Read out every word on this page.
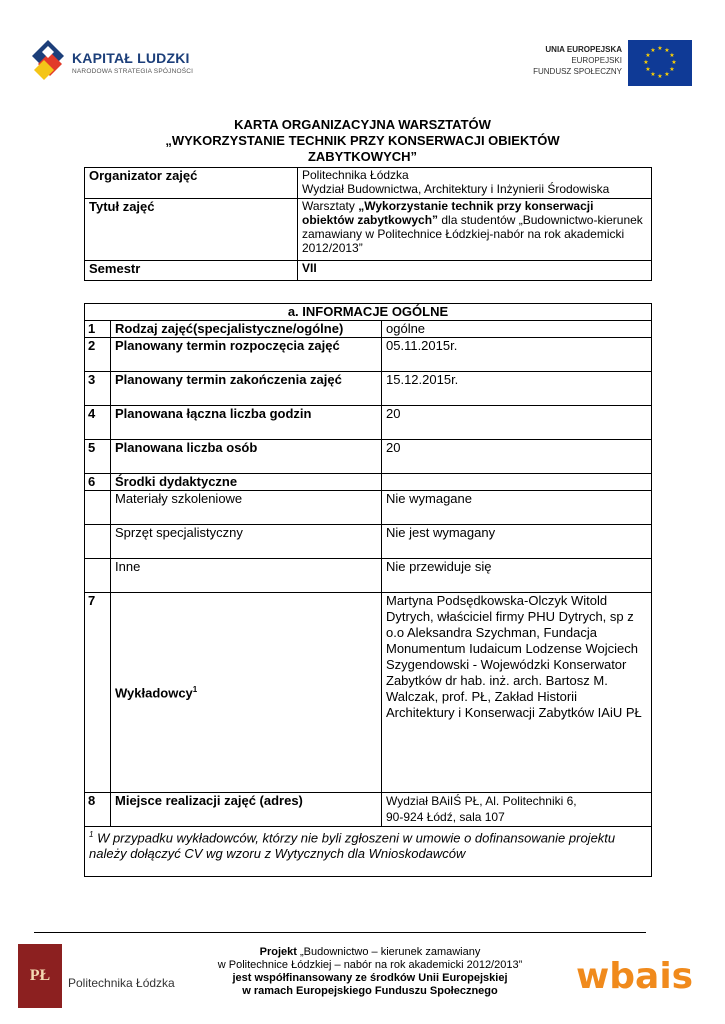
KAPITAŁ LUDZKI
NARODOWA STRATEGIA SPÓJNOŚCI
UNIA EUROPEJSKA
EUROPEJSKI
FUNDUSZ SPOŁECZNY
★ ★
★
★
★
★
★
★
★
★
★
★
KARTA ORGANIZACYJNA WARSZTATÓW
„WYKORZYSTANIE TECHNIK PRZY KONSERWACJI OBIEKTÓW
ZABYTKOWYCH”
Organizator zajęć	Politechnika Łódzka
Wydział Budownictwa, Architektury i Inżynierii Środowiska

Tytuł zajęć	Warsztaty „Wykorzystanie technik przy konserwacji obiektów zabytkowych” dla studentów „Budownictwo-kierunek zamawiany w Politechnice Łódzkiej-nabór na rok akademicki 2012/2013”
Semestr	VII
a. INFORMACJE OGÓLNE		
1	Rodzaj zajęć(specjalistyczne/ogólne)	ogólne
2	Planowany termin rozpoczęcia zajęć	05.11.2015r.
3	Planowany termin zakończenia zajęć	15.12.2015r.
4	Planowana łączna liczba godzin	20
5	Planowana liczba osób	20
6	Środki dydaktyczne	
	Materiały szkoleniowe	Nie wymagane
	Sprzęt specjalistyczny	Nie jest wymagany
	Inne	Nie przewiduje się
7	Wykładowcy$^1$	Martyna Podsędkowska-Olczyk Witold Dytrych, właściciel firmy PHU Dytrych, sp z o.o Aleksandra Szychman, Fundacja Monumentum Iudaicum Lodzense Wojciech Szygendowski - Wojewódzki Konserwator Zabytków dr hab. inż. arch. Bartosz M. Walczak, prof. PŁ, Zakład Historii Architektury i Konserwacji Zabytków IAiU PŁ
8	Miejsce realizacji zajęć (adres)	Wydział BAiIŚ PŁ, Al. Politechniki 6,
90-924 Łódź, sala 107

$^1$ W przypadku wykładowców, którzy nie byli zgłoszeni w umowie o dofinansowanie projektu należy dołączyć CV wg wzoru z Wytycznych dla Wnioskodawców		
PŁ	Politechnika Łódzka
Projekt „Budownictwo – kierunek zamawiany
w Politechnice Łódzkiej – nabór na rok akademicki 2012/2013”
jest współfinansowany ze środków Unii Europejskiej
w ramach Europejskiego Funduszu Społecznego	wbais
